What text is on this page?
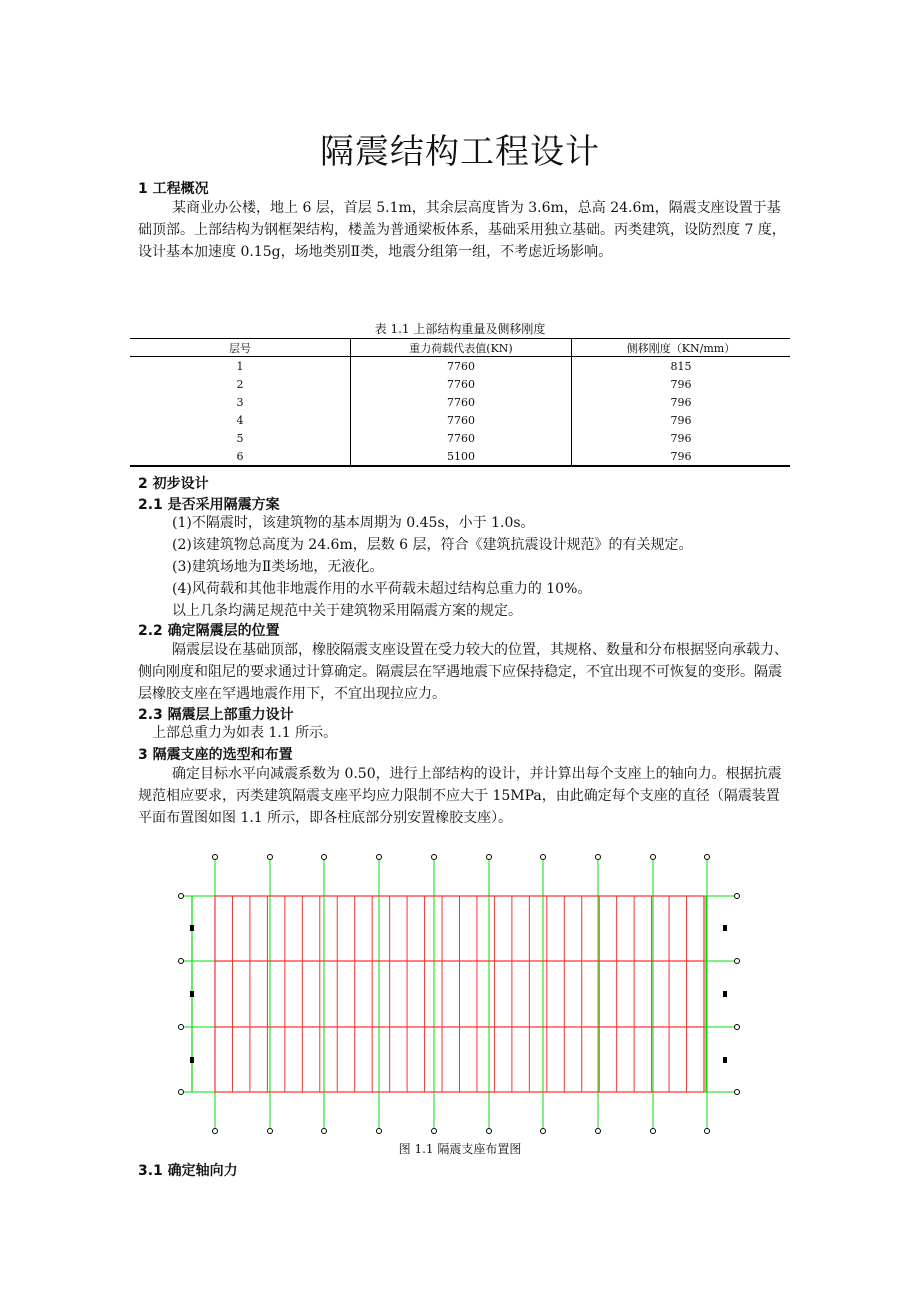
隔震结构工程设计
1 工程概况
某商业办公楼，地上 6 层，首层 5.1m，其余层高度皆为 3.6m，总高 24.6m，隔震支座设置于基础顶部。上部结构为钢框架结构，楼盖为普通梁板体系，基础采用独立基础。丙类建筑，设防烈度 7 度，设计基本加速度 0.15g，场地类别Ⅱ类，地震分组第一组，不考虑近场影响。
表 1.1 上部结构重量及侧移刚度
层号	重力荷载代表值(KN)	侧移刚度（KN/mm）
1	7760	815
2	7760	796
3	7760	796
4	7760	796
5	7760	796
6	5100	796
2 初步设计
2.1 是否采用隔震方案
(1)不隔震时，该建筑物的基本周期为 0.45s，小于 1.0s。
(2)该建筑物总高度为 24.6m，层数 6 层，符合《建筑抗震设计规范》的有关规定。
(3)建筑场地为Ⅱ类场地，无液化。
(4)风荷载和其他非地震作用的水平荷载未超过结构总重力的 10%。
以上几条均满足规范中关于建筑物采用隔震方案的规定。
2.2 确定隔震层的位置
隔震层设在基础顶部，橡胶隔震支座设置在受力较大的位置，其规格、数量和分布根据竖向承载力、侧向刚度和阻尼的要求通过计算确定。隔震层在罕遇地震下应保持稳定，不宜出现不可恢复的变形。隔震层橡胶支座在罕遇地震作用下，不宜出现拉应力。
2.3 隔震层上部重力设计
上部总重力为如表 1.1 所示。
3 隔震支座的选型和布置
确定目标水平向减震系数为 0.50，进行上部结构的设计，并计算出每个支座上的轴向力。根据抗震规范相应要求，丙类建筑隔震支座平均应力限制不应大于 15MPa，由此确定每个支座的直径（隔震装置平面布置图如图 1.1 所示，即各柱底部分别安置橡胶支座）。
图 1.1 隔震支座布置图
3.1 确定轴向力
